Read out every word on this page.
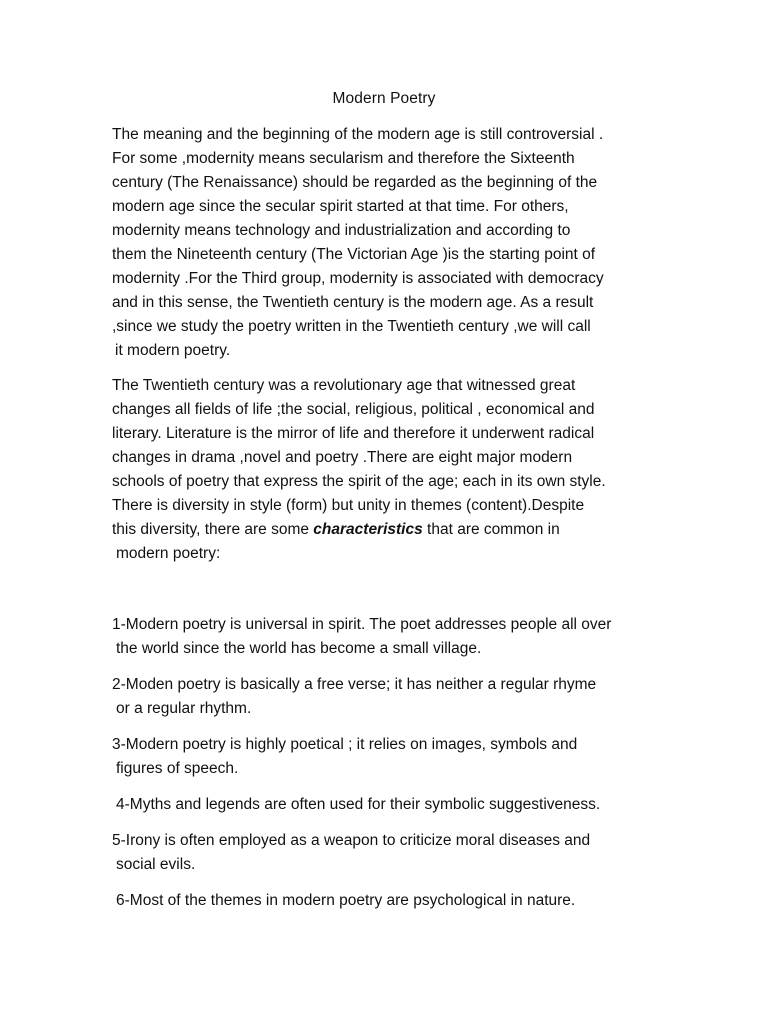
Modern Poetry
The meaning and the beginning of the modern age is still controversial .
For some ,modernity means secularism and therefore the Sixteenth
century (The Renaissance) should be regarded as the beginning of the
modern age since the secular spirit started at that time. For others,
modernity means technology and industrialization and according to
them the Nineteenth century (The Victorian Age )is the starting point of
modernity .For the Third group, modernity is associated with democracy
and in this sense, the Twentieth century is the modern age. As a result
,since we study the poetry written in the Twentieth century ,we will call
it modern poetry.
The Twentieth century was a revolutionary age that witnessed great
changes all fields of life ;the social, religious, political , economical and
literary. Literature is the mirror of life and therefore it underwent radical
changes in drama ,novel and poetry .There are eight major modern
schools of poetry that express the spirit of the age; each in its own style.
There is diversity in style (form) but unity in themes (content).Despite
this diversity, there are some characteristics that are common in
modern poetry:
1-Modern poetry is universal in spirit. The poet addresses people all over
the world since the world has become a small village.
2-Moden poetry is basically a free verse; it has neither a regular rhyme
or a regular rhythm.
3-Modern poetry is highly poetical ; it relies on images, symbols and
figures of speech.
4-Myths and legends are often used for their symbolic suggestiveness.
5-Irony is often employed as a weapon to criticize moral diseases and
social evils.
6-Most of the themes in modern poetry are psychological in nature.
